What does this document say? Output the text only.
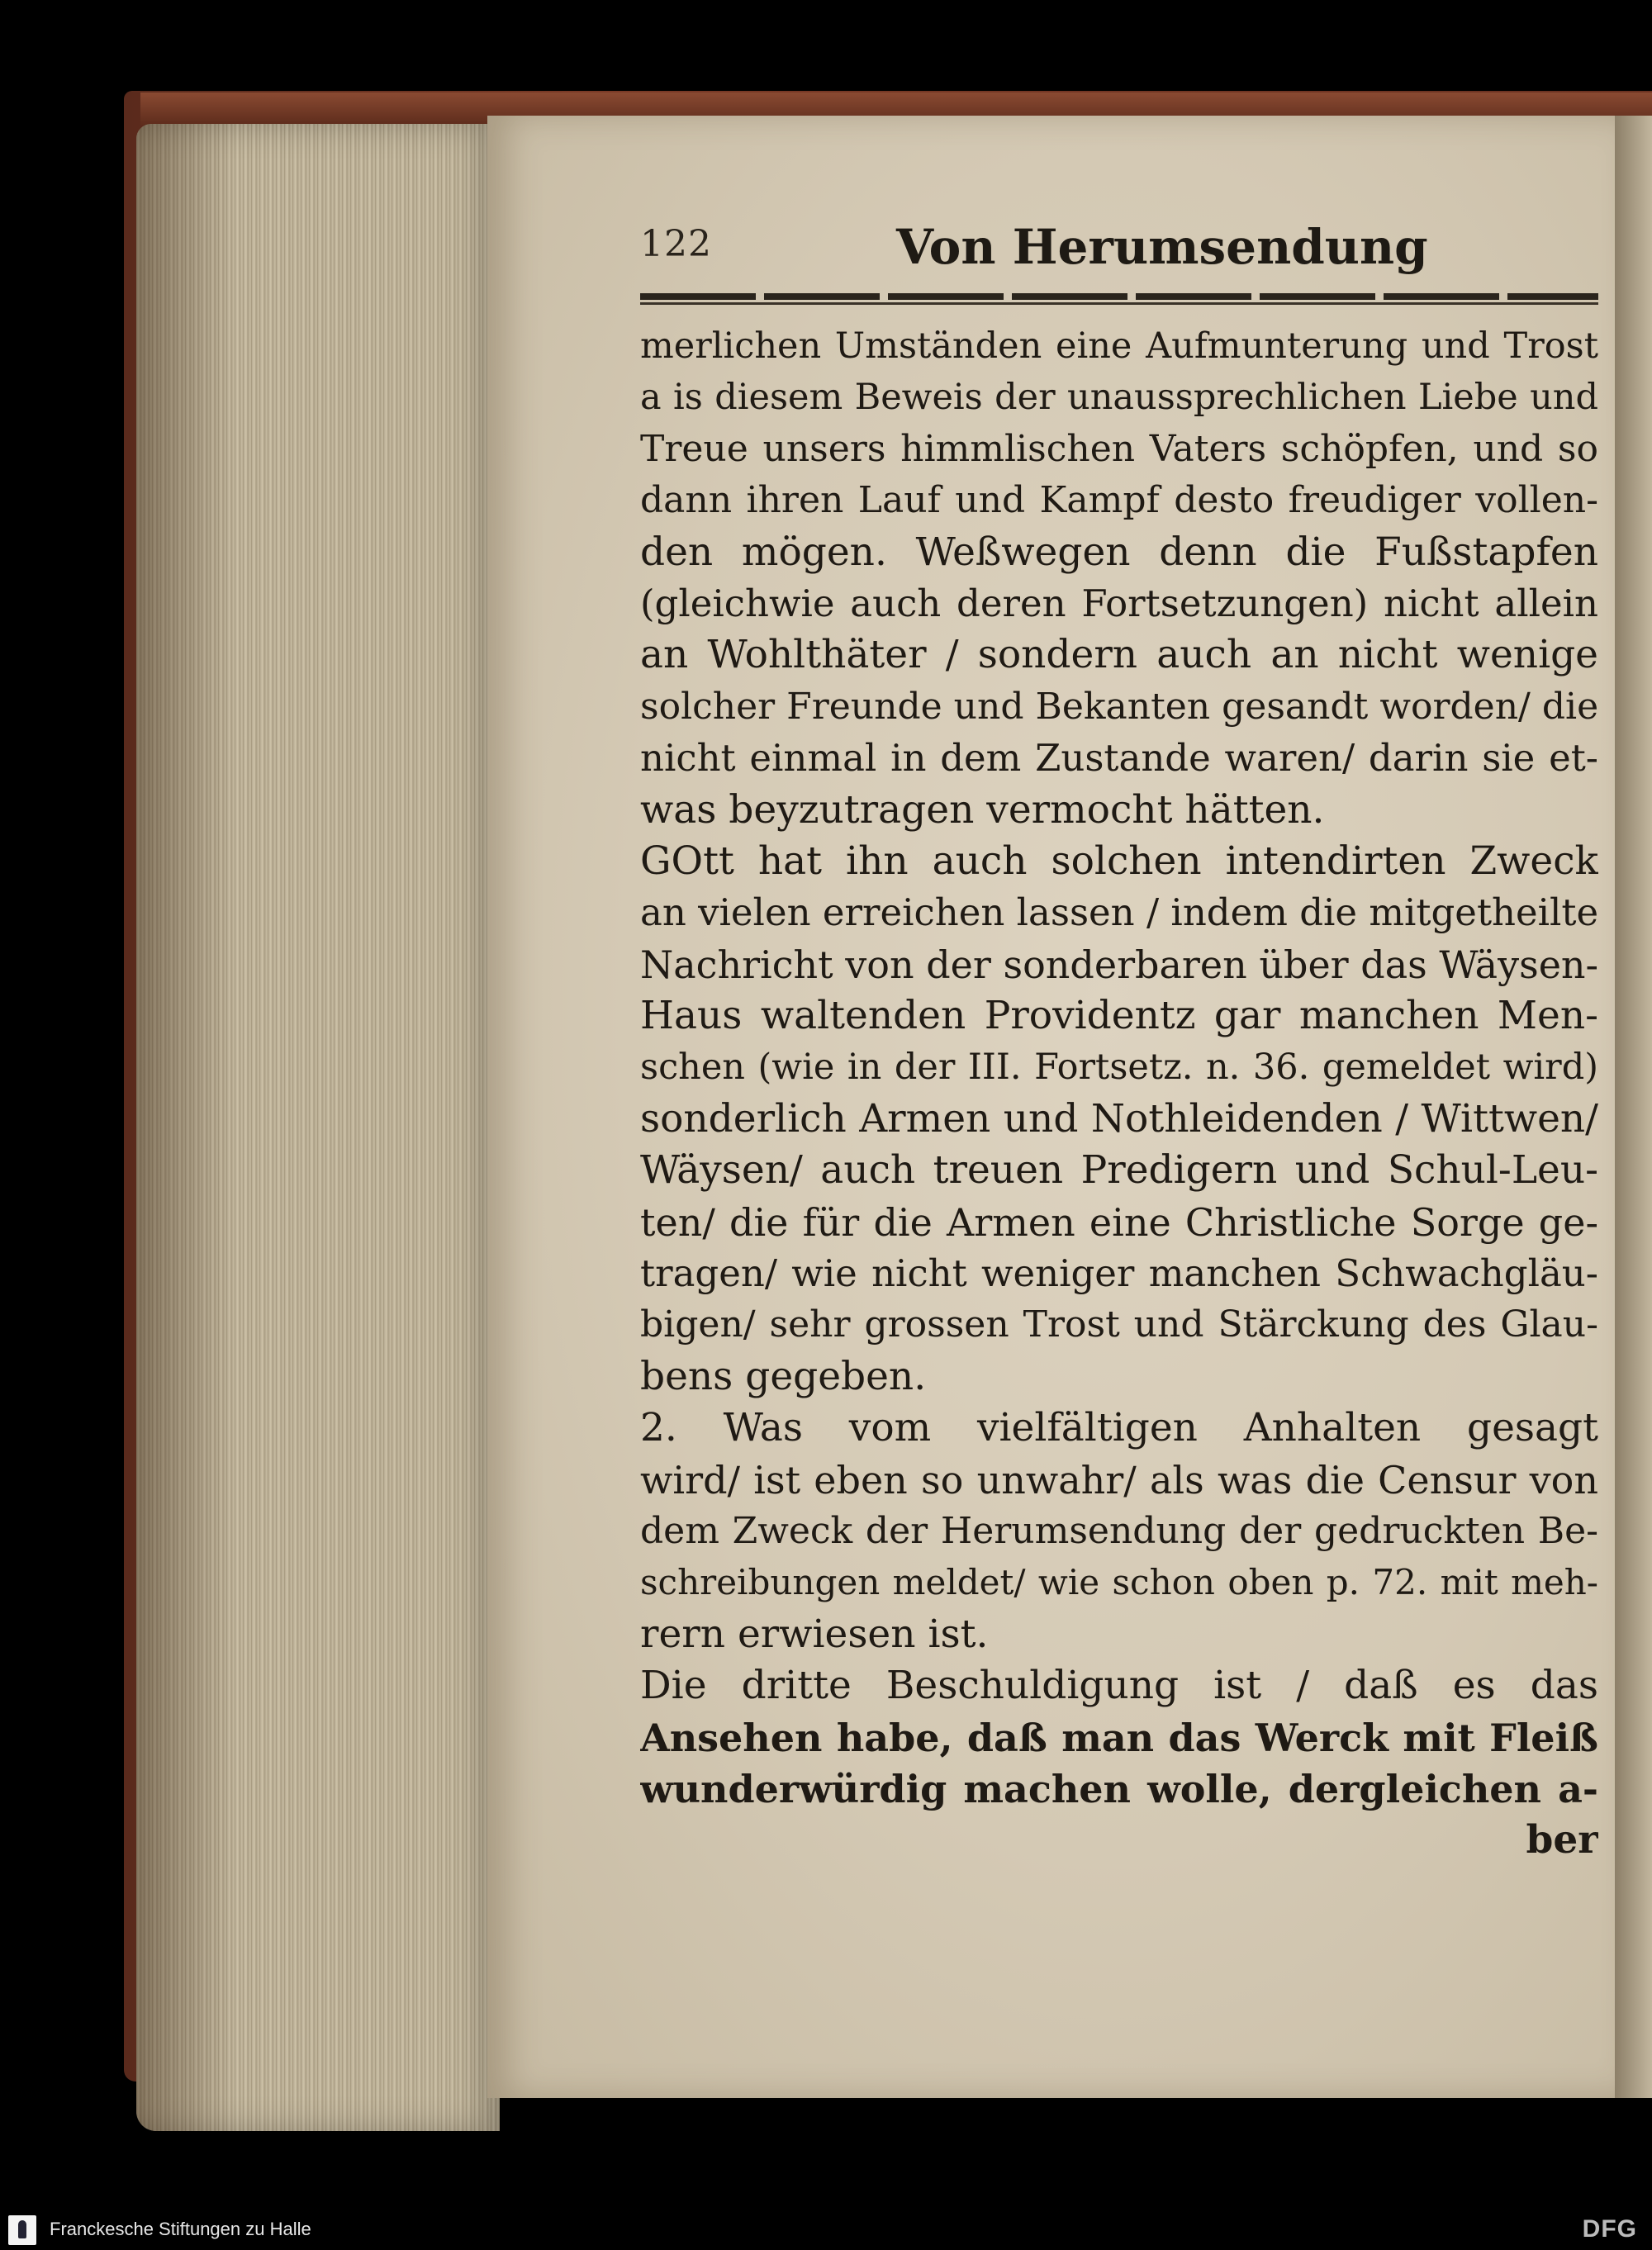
122	Von Herumsendung
merlichen Umständen eine Aufmunterung und Trost
a is diesem Beweis der unaussprechlichen Liebe und
Treue unsers himmlischen Vaters schöpfen, und so
dann ihren Lauf und Kampf desto freudiger vollen-
den mögen. Weßwegen denn die Fußstapfen
(gleichwie auch deren Fortsetzungen) nicht allein
an Wohlthäter / sondern auch an nicht wenige
solcher Freunde und Bekanten gesandt worden/ die
nicht einmal in dem Zustande waren/ darin sie et-
was beyzutragen vermocht hätten.
GOtt hat ihn auch solchen intendirten Zweck
an vielen erreichen lassen / indem die mitgetheilte
Nachricht von der sonderbaren über das Wäysen-
Haus waltenden Providentz gar manchen Men-
schen (wie in der III. Fortsetz. n. 36. gemeldet wird)
sonderlich Armen und Nothleidenden / Wittwen/
Wäysen/ auch treuen Predigern und Schul-Leu-
ten/ die für die Armen eine Christliche Sorge ge-
tragen/ wie nicht weniger manchen Schwachgläu-
bigen/ sehr grossen Trost und Stärckung des Glau-
bens gegeben.
2. Was vom vielfältigen Anhalten gesagt
wird/ ist eben so unwahr/ als was die Censur von
dem Zweck der Herumsendung der gedruckten Be-
schreibungen meldet/ wie schon oben p. 72. mit meh-
rern erwiesen ist.
Die dritte Beschuldigung ist / daß es das
Ansehen habe, daß man das Werck mit Fleiß
wunderwürdig machen wolle, dergleichen a-
ber
Franckesche Stiftungen zu Halle	DFG
